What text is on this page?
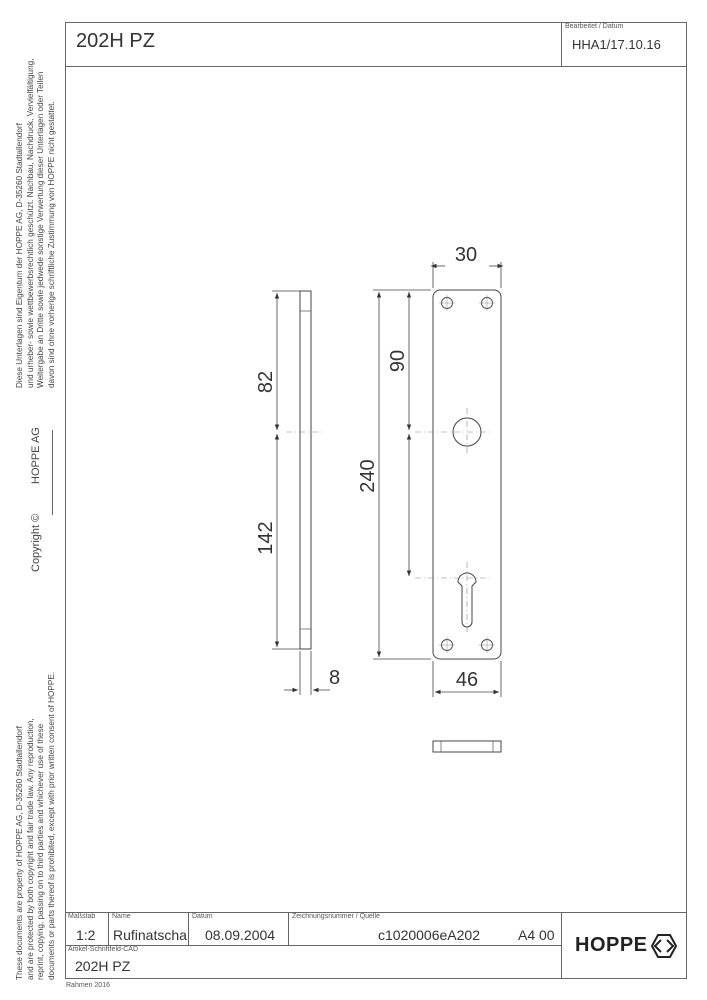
202H PZ
Bearbeitet / Datum
HHA1/17.10.16
Diese Unterlagen sind Eigentum der HOPPE AG, D-35260 Stadtallendorf und urheber- sowie wettbewerbsrechtlich geschützt. Nachbau, Nachdruck, Vervielfältigung, Weitergabe an Dritte sowie jedwede sonstige Verwertung dieser Unterlagen oder Teilen davon sind ohne vorherige schriftliche Zustimmung von HOPPE nicht gestattet.
HOPPE AG
Copyright ©
These documents are property of HOPPE AG, D-35260 Stadtallendorf and are protected by both copyright and fair trade law. Any reproduction, reprint, copying, passing on to third parties and whichever use of these documents or parts thereof is prohibited, except with prior written consent of HOPPE.
82
142
8
30
90
240
46
Maßstab
1:2
Name
Rufinatscha
Datum
08.09.2004
Zeichnungsnummer / Quelle
c1020006eA202	A4 00
Artikel-Schriftfeld-CAD
202H PZ
HOPPE
Rahmen 2016
